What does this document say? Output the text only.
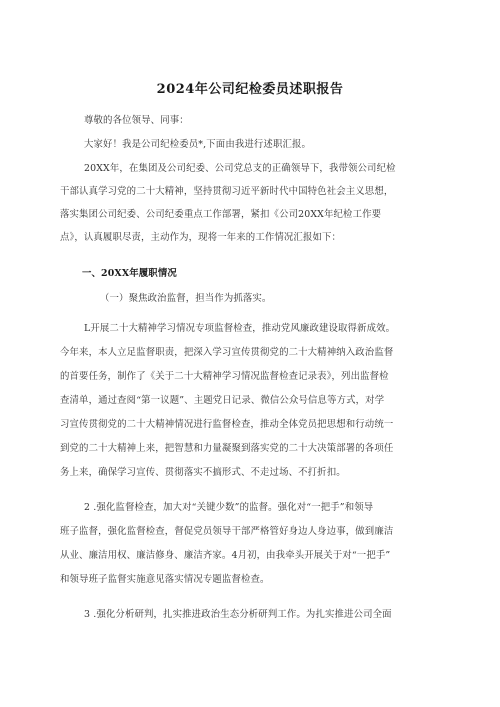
2024年公司纪检委员述职报告
尊敬的各位领导、同事：
大家好！我是公司纪检委员*,下面由我进行述职汇报。
20XX年，在集团及公司纪委、公司党总支的正确领导下，我带领公司纪检
干部认真学习党的二十大精神，坚持贯彻习近平新时代中国特色社会主义思想，
落实集团公司纪委、公司纪委重点工作部署，紧扣《公司20XX年纪检工作要
点》，认真履职尽责，主动作为，现将一年来的工作情况汇报如下：
一、20XX年履职情况
（一）聚焦政治监督，担当作为抓落实。
L开展二十大精神学习情况专项监督检查，推动党风廉政建设取得新成效。
今年来，本人立足监督职责，把深入学习宣传贯彻党的二十大精神纳入政治监督
的首要任务，制作了《关于二十大精神学习情况监督检查记录表》，列出监督检
查清单，通过查阅“第一议题”、主题党日记录、微信公众号信息等方式，对学
习宣传贯彻党的二十大精神情况进行监督检查，推动全体党员把思想和行动统一
到党的二十大精神上来，把智慧和力量凝聚到落实党的二十大决策部署的各项任
务上来，确保学习宣传、贯彻落实不搞形式、不走过场、不打折扣。
2 .强化监督检查，加大对“关键少数”的监督。强化对“一把手”和领导
班子监督，强化监督检查，督促党员领导干部严格管好身边人身边事，做到廉洁
从业、廉洁用权、廉洁修身、廉洁齐家。4月初，由我牵头开展关于对“一把手”
和领导班子监督实施意见落实情况专题监督检查。
3 .强化分析研判，扎实推进政治生态分析研判工作。为扎实推进公司全面
